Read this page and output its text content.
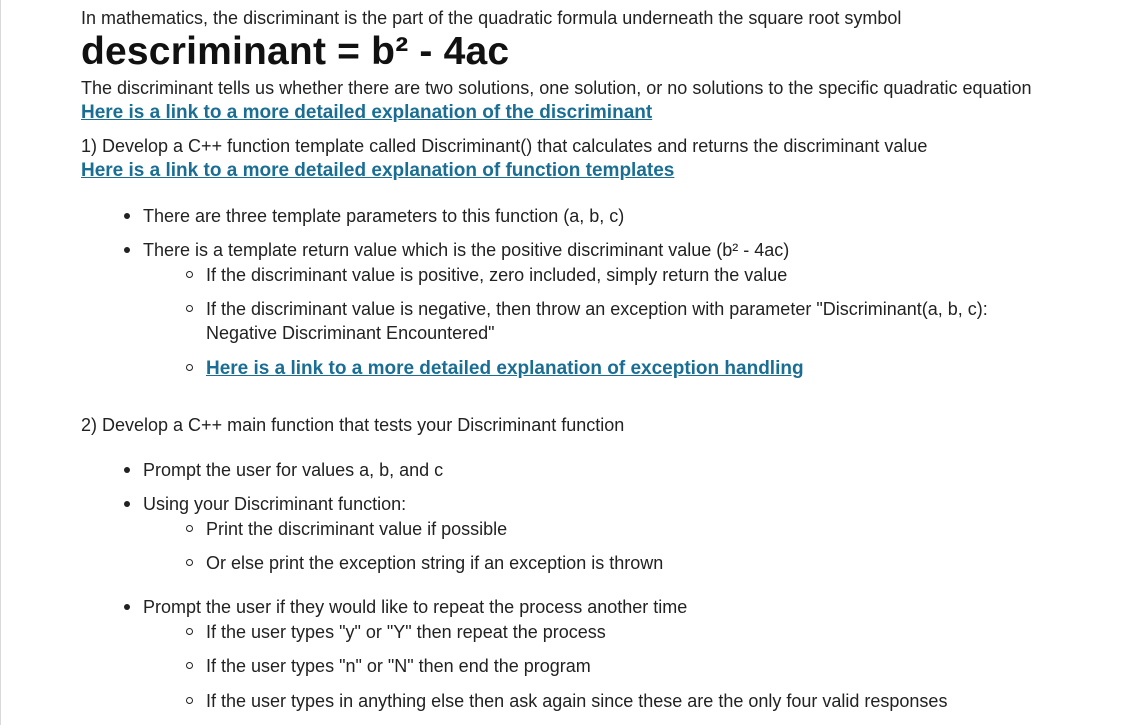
In mathematics, the discriminant is the part of the quadratic formula underneath the square root symbol

descriminant = b² - 4ac

The discriminant tells us whether there are two solutions, one solution, or no solutions to the specific quadratic equation

Here is a link to a more detailed explanation of the discriminant

1) Develop a C++ function template called Discriminant() that calculates and returns the discriminant value

Here is a link to a more detailed explanation of function templates
There are three template parameters to this function (a, b, c)
There is a template return value which is the positive discriminant value (b² - 4ac)
If the discriminant value is positive, zero included, simply return the value
If the discriminant value is negative, then throw an exception with parameter "Discriminant(a, b, c): Negative Discriminant Encountered"
Here is a link to a more detailed explanation of exception handling

2) Develop a C++ main function that tests your Discriminant function

Prompt the user for values a, b, and c
Using your Discriminant function:
Print the discriminant value if possible
Or else print the exception string if an exception is thrown
Prompt the user if they would like to repeat the process another time
If the user types "y" or "Y" then repeat the process
If the user types "n" or "N" then end the program
If the user types in anything else then ask again since these are the only four valid responses
